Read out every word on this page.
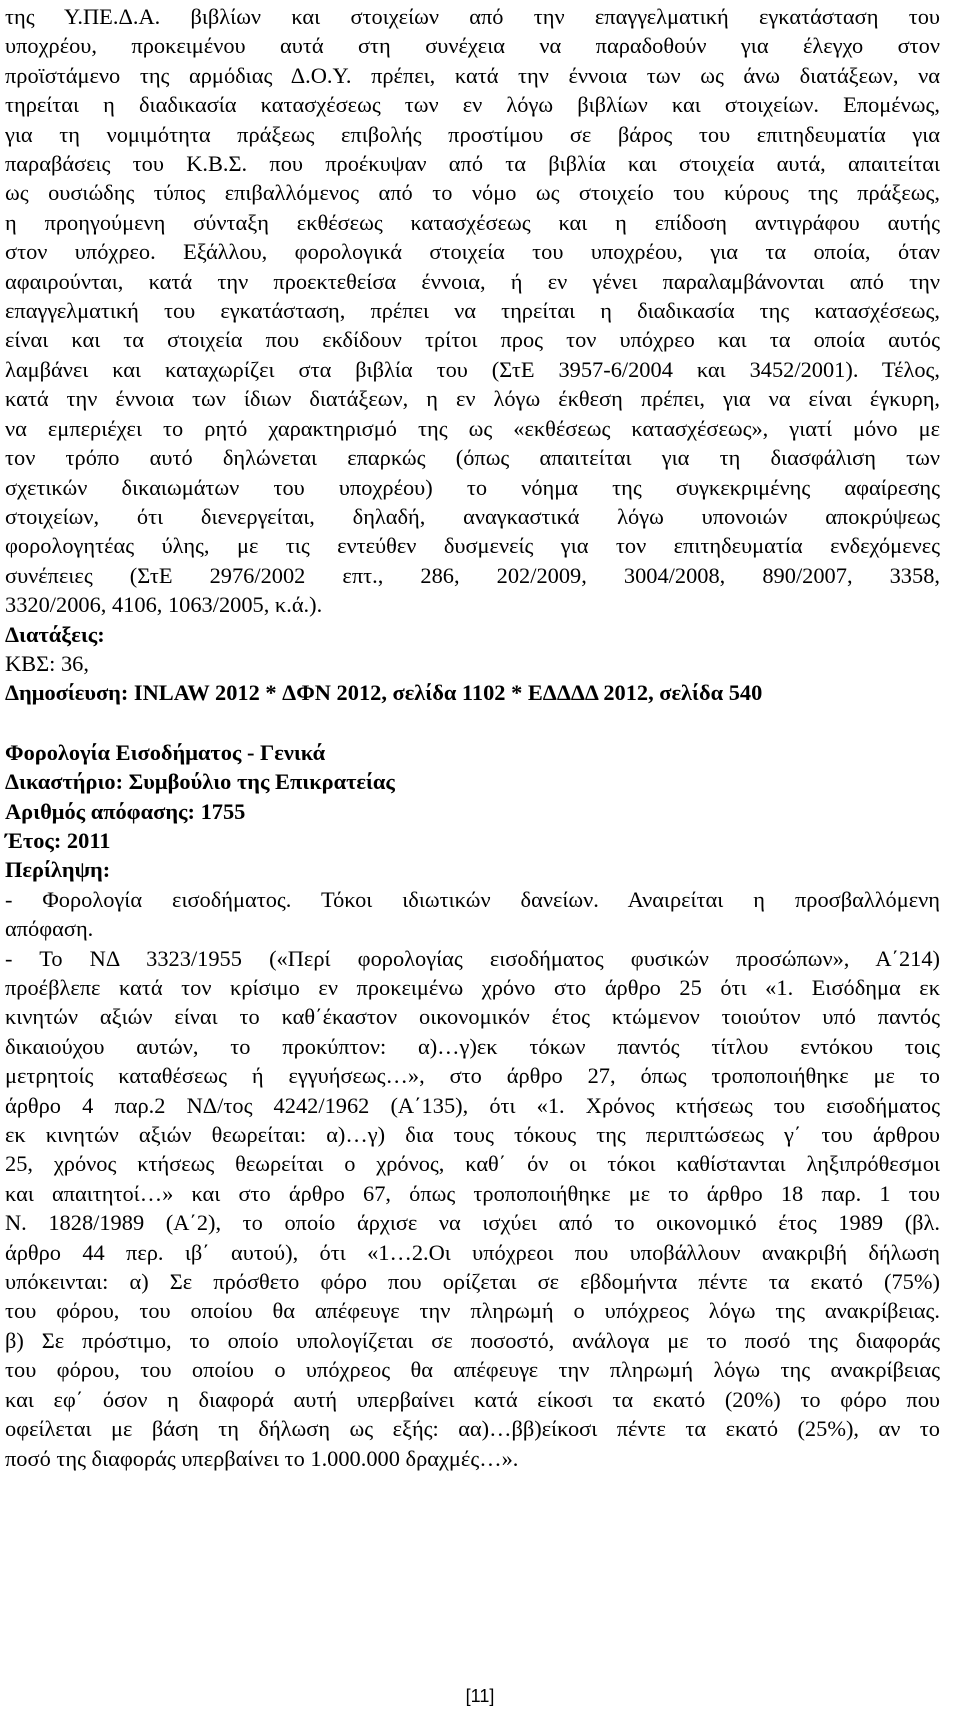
της Υ.ΠΕ.Δ.Α. βιβλίων και στοιχείων από την επαγγελματική εγκατάσταση του
υποχρέου, προκειμένου αυτά στη συνέχεια να παραδοθούν για έλεγχο στον
προϊστάμενο της αρμόδιας Δ.Ο.Υ. πρέπει, κατά την έννοια των ως άνω διατάξεων, να
τηρείται η διαδικασία κατασχέσεως των εν λόγω βιβλίων και στοιχείων. Επομένως,
για τη νομιμότητα πράξεως επιβολής προστίμου σε βάρος του επιτηδευματία για
παραβάσεις του Κ.Β.Σ. που προέκυψαν από τα βιβλία και στοιχεία αυτά, απαιτείται
ως ουσιώδης τύπος επιβαλλόμενος από το νόμο ως στοιχείο του κύρους της πράξεως,
η προηγούμενη σύνταξη εκθέσεως κατασχέσεως και η επίδοση αντιγράφου αυτής
στον υπόχρεο. Εξάλλου, φορολογικά στοιχεία του υποχρέου, για τα οποία, όταν
αφαιρούνται, κατά την προεκτεθείσα έννοια, ή εν γένει παραλαμβάνονται από την
επαγγελματική του εγκατάσταση, πρέπει να τηρείται η διαδικασία της κατασχέσεως,
είναι και τα στοιχεία που εκδίδουν τρίτοι προς τον υπόχρεο και τα οποία αυτός
λαμβάνει και καταχωρίζει στα βιβλία του (ΣτΕ 3957-6/2004 και 3452/2001). Τέλος,
κατά την έννοια των ίδιων διατάξεων, η εν λόγω έκθεση πρέπει, για να είναι έγκυρη,
να εμπεριέχει το ρητό χαρακτηρισμό της ως «εκθέσεως κατασχέσεως», γιατί μόνο με
τον τρόπο αυτό δηλώνεται επαρκώς (όπως απαιτείται για τη διασφάλιση των
σχετικών δικαιωμάτων του υποχρέου) το νόημα της συγκεκριμένης αφαίρεσης
στοιχείων, ότι διενεργείται, δηλαδή, αναγκαστικά λόγω υπονοιών αποκρύψεως
φορολογητέας ύλης, με τις εντεύθεν δυσμενείς για τον επιτηδευματία ενδεχόμενες
συνέπειες (ΣτΕ 2976/2002 επτ., 286, 202/2009, 3004/2008, 890/2007, 3358,
3320/2006, 4106, 1063/2005, κ.ά.).

Διατάξεις:

ΚΒΣ: 36,

Δημοσίευση: INLAW 2012 * ΔΦΝ 2012, σελίδα 1102 * ΕΔΔΔΔ 2012, σελίδα 540

Φορολογία Εισοδήματος - Γενικά

Δικαστήριο: Συμβούλιο της Επικρατείας

Αριθμός απόφασης: 1755

Έτος: 2011

Περίληψη:

- Φορολογία εισοδήματος. Τόκοι ιδιωτικών δανείων. Αναιρείται η προσβαλλόμενη
απόφαση.

- Το ΝΔ 3323/1955 («Περί φορολογίας εισοδήματος φυσικών προσώπων», Α΄214)
προέβλεπε κατά τον κρίσιμο εν προκειμένω χρόνο στο άρθρο 25 ότι «1. Εισόδημα εκ
κινητών αξιών είναι το καθ΄έκαστον οικονομικόν έτος κτώμενον τοιούτον υπό παντός
δικαιούχου αυτών, το προκύπτον: α)…γ)εκ τόκων παντός τίτλου εντόκου τοις
μετρητοίς καταθέσεως ή εγγυήσεως…», στο άρθρο 27, όπως τροποποιήθηκε με το
άρθρο 4 παρ.2 ΝΔ/τος 4242/1962 (Α΄135), ότι «1. Χρόνος κτήσεως του εισοδήματος
εκ κινητών αξιών θεωρείται: α)…γ) δια τους τόκους της περιπτώσεως γ΄ του άρθρου
25, χρόνος κτήσεως θεωρείται ο χρόνος, καθ΄ όν οι τόκοι καθίστανται ληξιπρόθεσμοι
και απαιτητοί…» και στο άρθρο 67, όπως τροποποιήθηκε με το άρθρο 18 παρ. 1 του
Ν. 1828/1989 (Α΄2), το οποίο άρχισε να ισχύει από το οικονομικό έτος 1989 (βλ.
άρθρο 44 περ. ιβ΄ αυτού), ότι «1…2.Οι υπόχρεοι που υποβάλλουν ανακριβή δήλωση
υπόκεινται: α) Σε πρόσθετο φόρο που ορίζεται σε εβδομήντα πέντε τα εκατό (75%)
του φόρου, του οποίου θα απέφευγε την πληρωμή ο υπόχρεος λόγω της ανακρίβειας.
β) Σε πρόστιμο, το οποίο υπολογίζεται σε ποσοστό, ανάλογα με το ποσό της διαφοράς
του φόρου, του οποίου ο υπόχρεος θα απέφευγε την πληρωμή λόγω της ανακρίβειας
και εφ΄ όσον η διαφορά αυτή υπερβαίνει κατά είκοσι τα εκατό (20%) το φόρο που
οφείλεται με βάση τη δήλωση ως εξής: αα)…ββ)είκοσι πέντε τα εκατό (25%), αν το
ποσό της διαφοράς υπερβαίνει το 1.000.000 δραχμές…».

[11]
